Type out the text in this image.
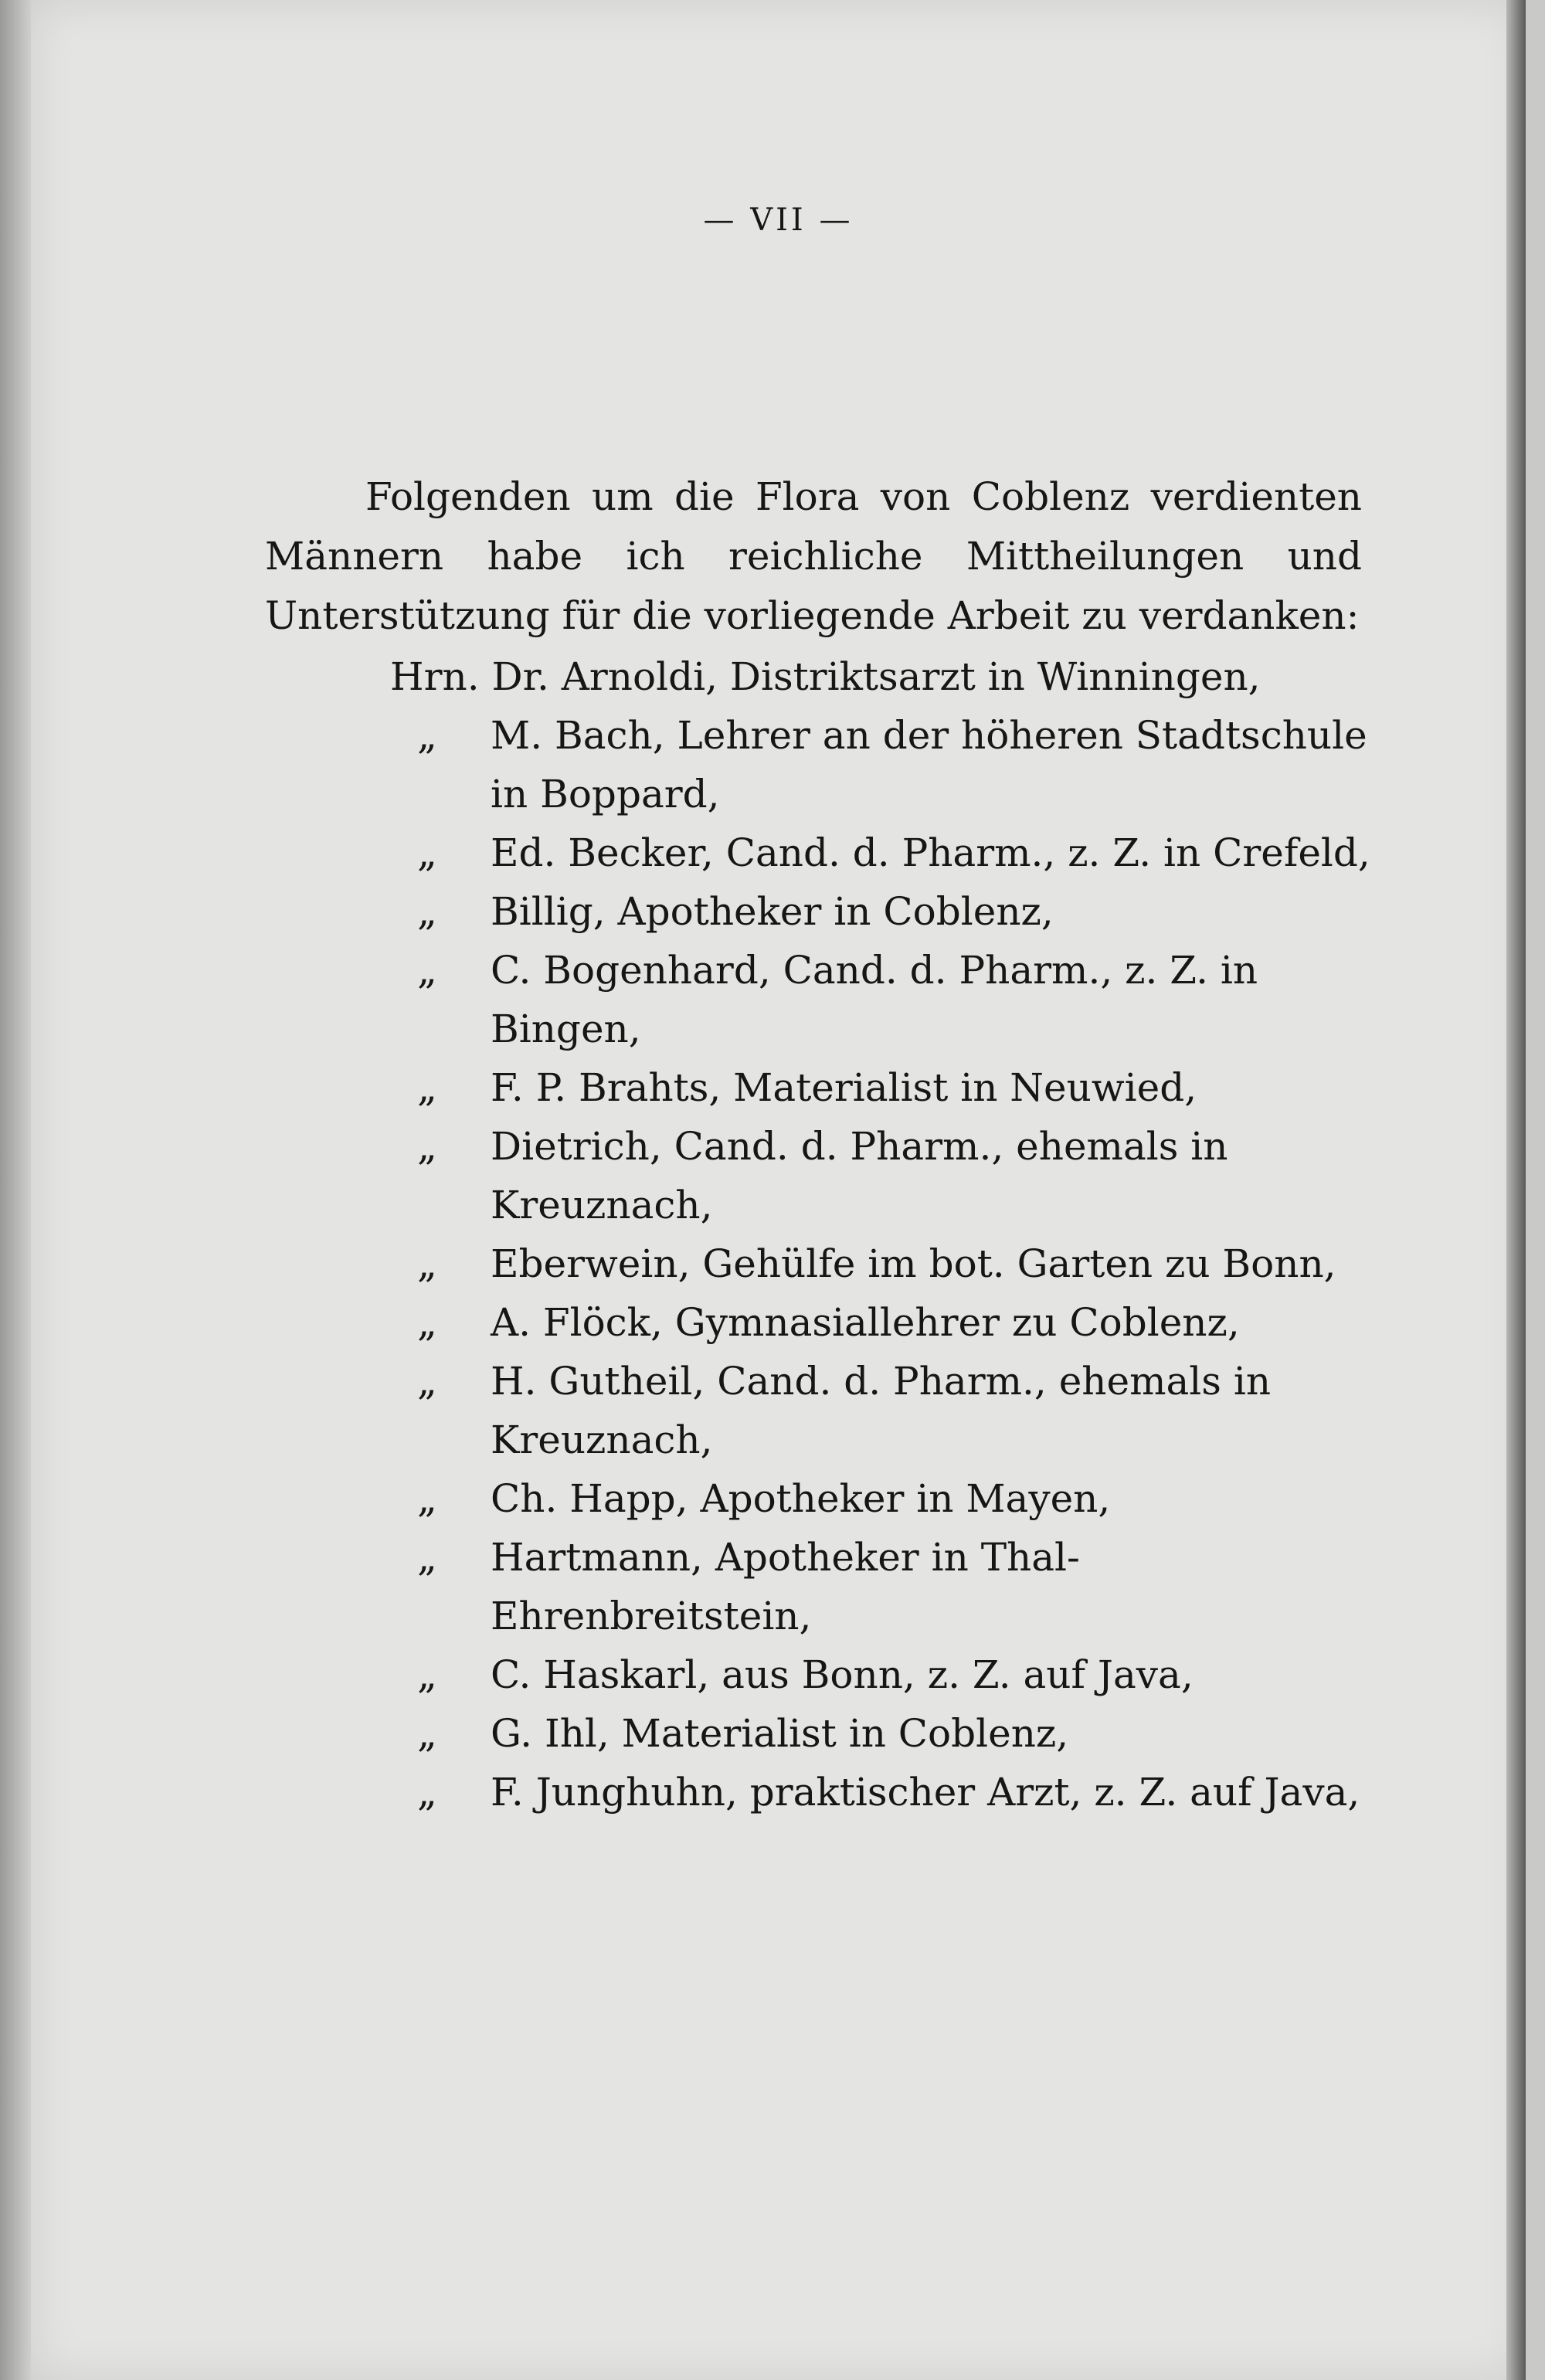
— VII —

Folgenden um die Flora von Coblenz verdienten Männern habe ich reichliche Mittheilungen und Unterstützung für die vorliegende Arbeit zu verdanken:

Hrn. Dr. Arnoldi, Distriktsarzt in Winningen,
„ M. Bach, Lehrer an der höheren Stadtschule in Boppard,
„ Ed. Becker, Cand. d. Pharm., z. Z. in Crefeld,
„ Billig, Apotheker in Coblenz,
„ C. Bogenhard, Cand. d. Pharm., z. Z. in Bingen,
„ F. P. Brahts, Materialist in Neuwied,
„ Dietrich, Cand. d. Pharm., ehemals in Kreuznach,
„ Eberwein, Gehülfe im bot. Garten zu Bonn,
„ A. Flöck, Gymnasiallehrer zu Coblenz,
„ H. Gutheil, Cand. d. Pharm., ehemals in Kreuznach,
„ Ch. Happ, Apotheker in Mayen,
„ Hartmann, Apotheker in Thal-Ehrenbreitstein,
„ C. Haskarl, aus Bonn, z. Z. auf Java,
„ G. Ihl, Materialist in Coblenz,
„ F. Junghuhn, praktischer Arzt, z. Z. auf Java,
